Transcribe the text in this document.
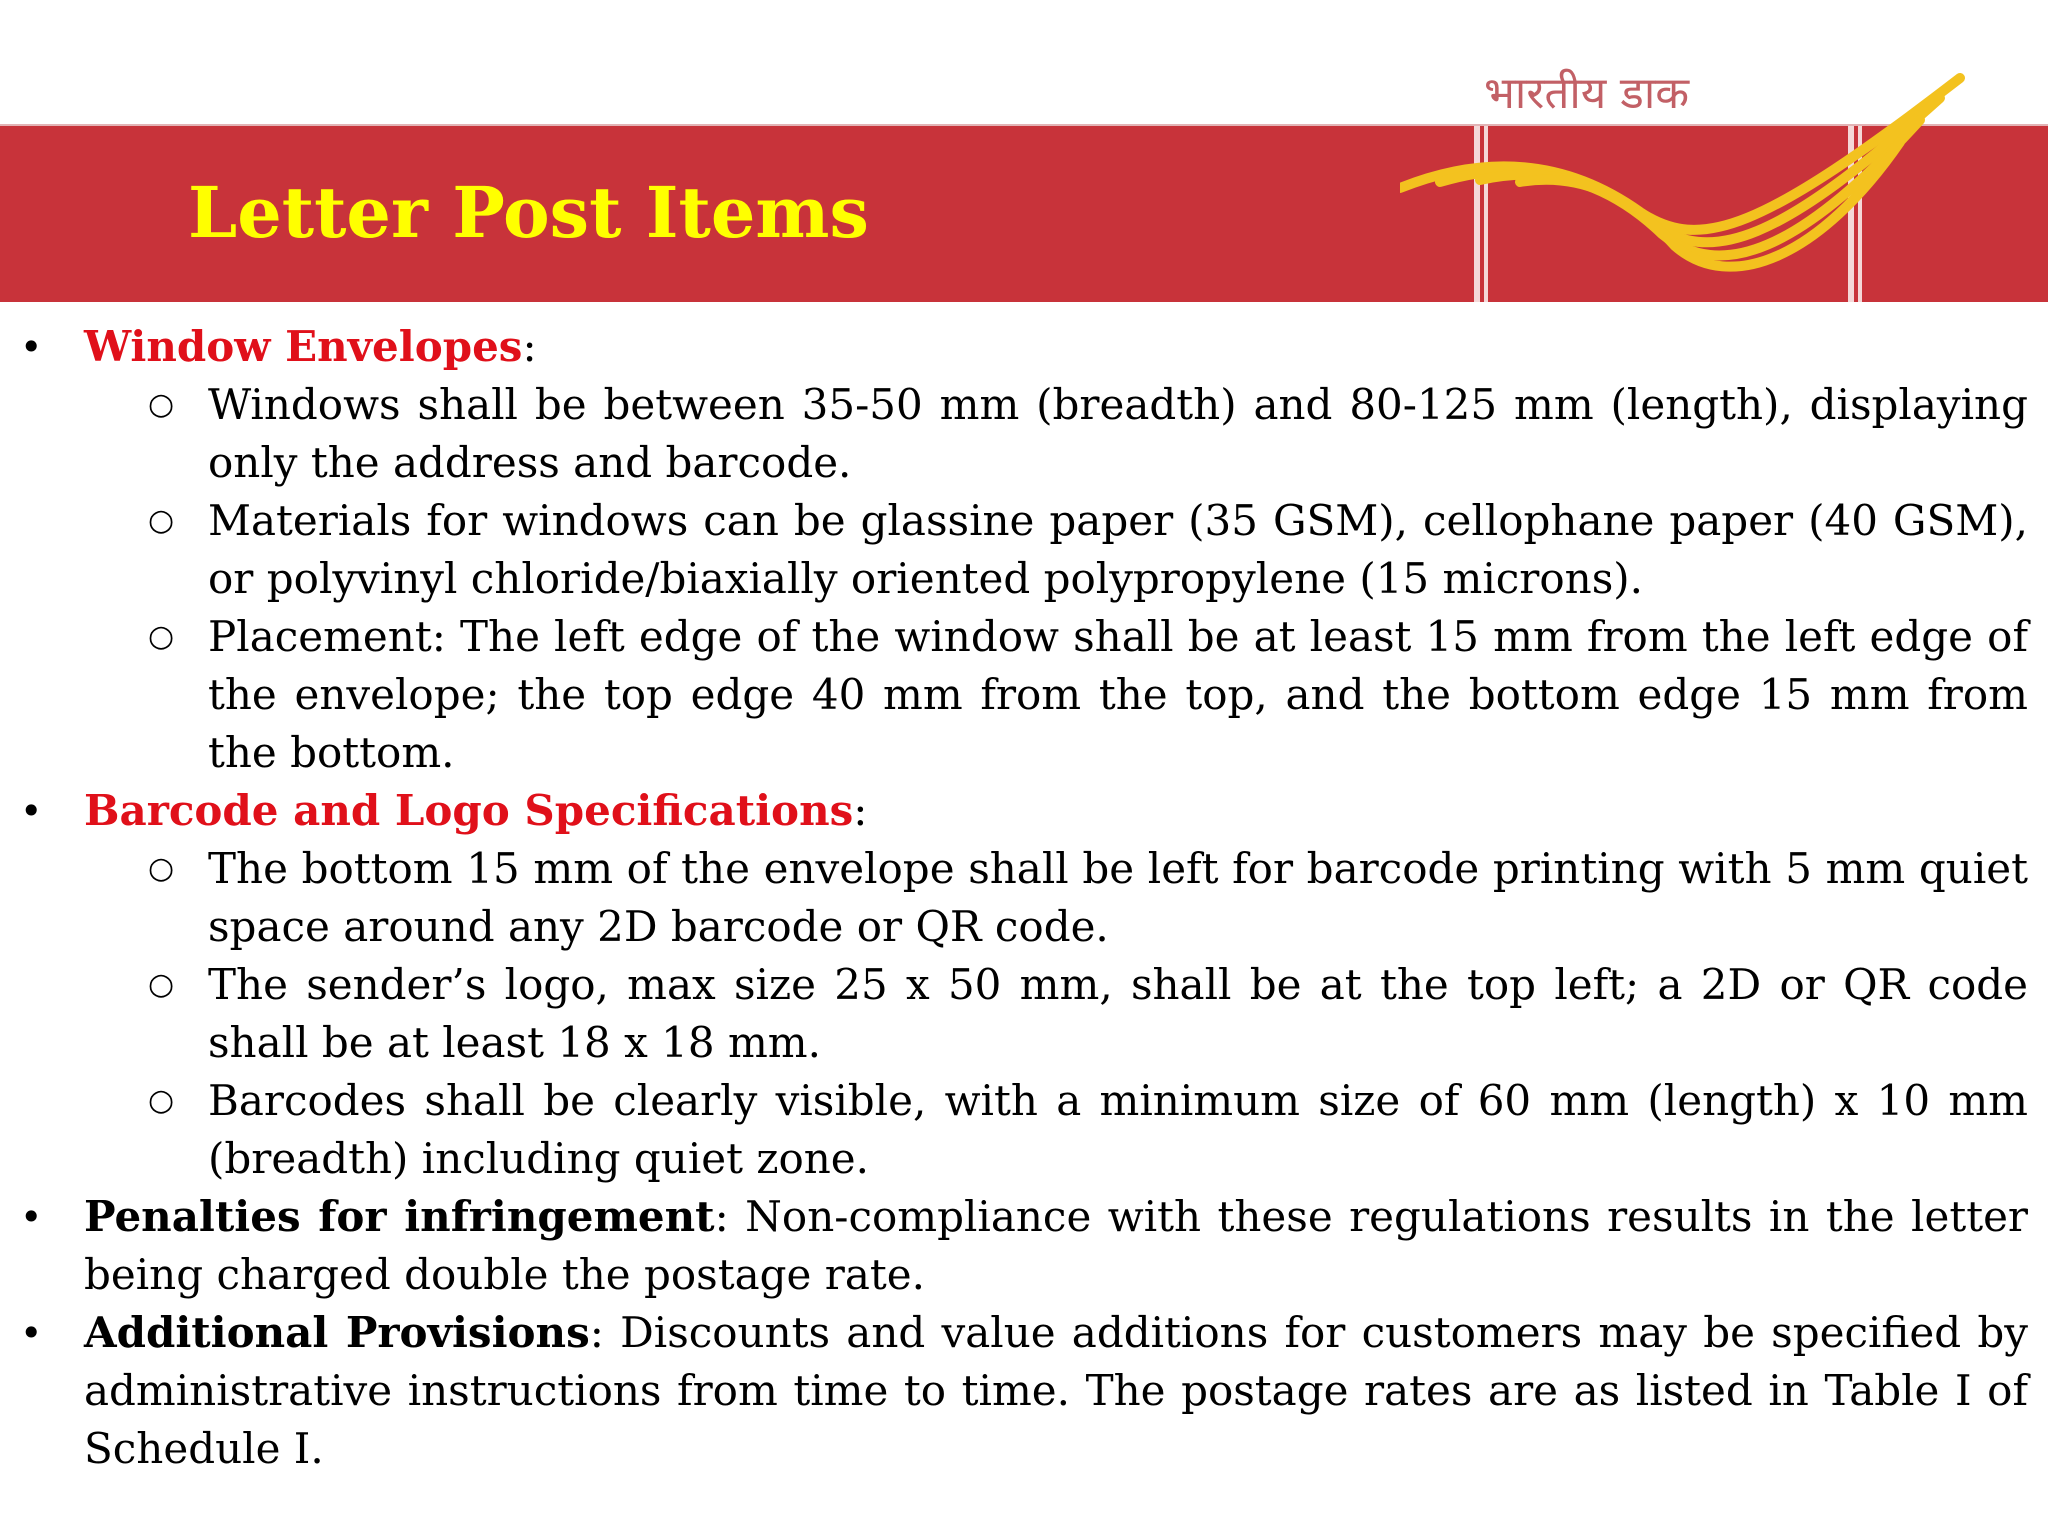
Letter Post Items
भारतीय डाक
• Window Envelopes:
○ Windows shall be between 35-50 mm (breadth) and 80-125 mm (length), displaying only the address and barcode.
○ Materials for windows can be glassine paper (35 GSM), cellophane paper (40 GSM), or polyvinyl chloride/biaxially oriented polypropylene (15 microns).
○ Placement: The left edge of the window shall be at least 15 mm from the left edge of the envelope; the top edge 40 mm from the top, and the bottom edge 15 mm from the bottom.
• Barcode and Logo Specifications:
○ The bottom 15 mm of the envelope shall be left for barcode printing with 5 mm quiet space around any 2D barcode or QR code.
○ The sender’s logo, max size 25 x 50 mm, shall be at the top left; a 2D or QR code shall be at least 18 x 18 mm.
○ Barcodes shall be clearly visible, with a minimum size of 60 mm (length) x 10 mm (breadth) including quiet zone.
• Penalties for infringement: Non-compliance with these regulations results in the letter being charged double the postage rate.
• Additional Provisions: Discounts and value additions for customers may be specified by administrative instructions from time to time. The postage rates are as listed in Table I of Schedule I.
